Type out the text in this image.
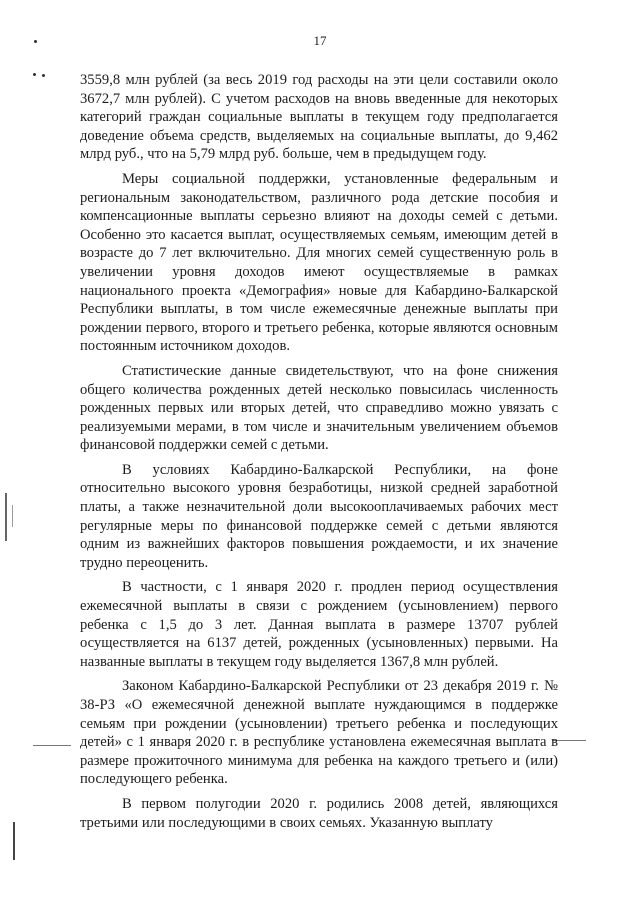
17

3559,8 млн рублей (за весь 2019 год расходы на эти цели составили около 3672,7 млн рублей). С учетом расходов на вновь введенные для некоторых категорий граждан социальные выплаты в текущем году предполагается доведение объема средств, выделяемых на социальные выплаты, до 9,462 млрд руб., что на 5,79 млрд руб. больше, чем в предыдущем году.

Меры социальной поддержки, установленные федеральным и региональным законодательством, различного рода детские пособия и компенсационные выплаты серьезно влияют на доходы семей с детьми. Особенно это касается выплат, осуществляемых семьям, имеющим детей в возрасте до 7 лет включительно. Для многих семей существенную роль в увеличении уровня доходов имеют осуществляемые в рамках национального проекта «Демография» новые для Кабардино-Балкарской Республики выплаты, в том числе ежемесячные денежные выплаты при рождении первого, второго и третьего ребенка, которые являются основным постоянным источником доходов.

Статистические данные свидетельствуют, что на фоне снижения общего количества рожденных детей несколько повысилась численность рожденных первых или вторых детей, что справедливо можно увязать с реализуемыми мерами, в том числе и значительным увеличением объемов финансовой поддержки семей с детьми.

В условиях Кабардино-Балкарской Республики, на фоне относительно высокого уровня безработицы, низкой средней заработной платы, а также незначительной доли высокооплачиваемых рабочих мест регулярные меры по финансовой поддержке семей с детьми являются одним из важнейших факторов повышения рождаемости, и их значение трудно переоценить.

В частности, с 1 января 2020 г. продлен период осуществления ежемесячной выплаты в связи с рождением (усыновлением) первого ребенка с 1,5 до 3 лет. Данная выплата в размере 13707 рублей осуществляется на 6137 детей, рожденных (усыновленных) первыми. На названные выплаты в текущем году выделяется 1367,8 млн рублей.

Законом Кабардино-Балкарской Республики от 23 декабря 2019 г. № 38-РЗ «О ежемесячной денежной выплате нуждающимся в поддержке семьям при рождении (усыновлении) третьего ребенка и последующих детей» с 1 января 2020 г. в республике установлена ежемесячная выплата в размере прожиточного минимума для ребенка на каждого третьего и (или) последующего ребенка.

В первом полугодии 2020 г. родились 2008 детей, являющихся третьими или последующими в своих семьях. Указанную выплату
